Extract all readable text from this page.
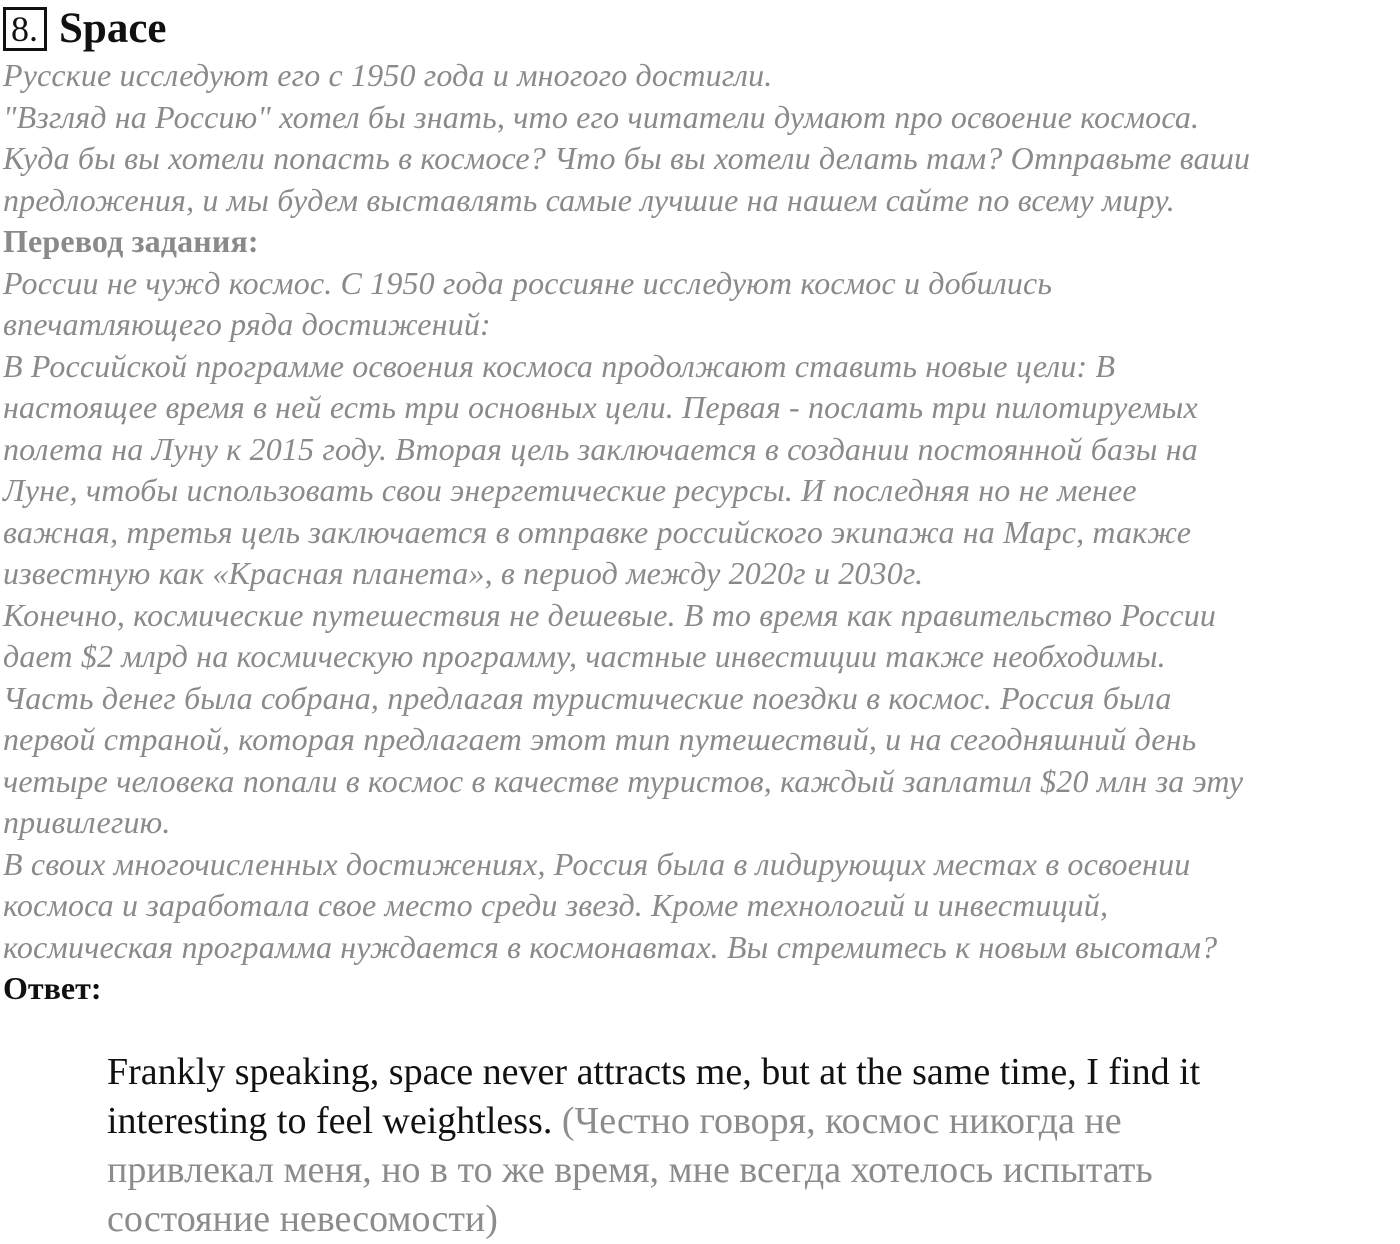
8. Space
Русские исследуют его с 1950 года и многого достигли.
"Взгляд на Россию" хотел бы знать, что его читатели думают про освоение космоса.
Куда бы вы хотели попасть в космосе? Что бы вы хотели делать там? Отправьте ваши
предложения, и мы будем выставлять самые лучшие на нашем сайте по всему миру.
Перевод задания:
России не чужд космос. С 1950 года россияне исследуют космос и добились
впечатляющего ряда достижений:
В Российской программе освоения космоса продолжают ставить новые цели: В
настоящее время в ней есть три основных цели. Первая - послать три пилотируемых
полета на Луну к 2015 году. Вторая цель заключается в создании постоянной базы на
Луне, чтобы использовать свои энергетические ресурсы. И последняя но не менее
важная, третья цель заключается в отправке российского экипажа на Марс, также
известную как «Красная планета», в период между 2020г и 2030г.
Конечно, космические путешествия не дешевые. В то время как правительство России
дает $2 млрд на космическую программу, частные инвестиции также необходимы.
Часть денег была собрана, предлагая туристические поездки в космос. Россия была
первой страной, которая предлагает этот тип путешествий, и на сегодняшний день
четыре человека попали в космос в качестве туристов, каждый заплатил $20 млн за эту
привилегию.
В своих многочисленных достижениях, Россия была в лидирующих местах в освоении
космоса и заработала свое место среди звезд. Кроме технологий и инвестиций,
космическая программа нуждается в космонавтах. Вы стремитесь к новым высотам?
Ответ:
Frankly speaking, space never attracts me, but at the same time, I find it
interesting to feel weightless. (Честно говоря, космос никогда не
привлекал меня, но в то же время, мне всегда хотелось испытать
состояние невесомости)
